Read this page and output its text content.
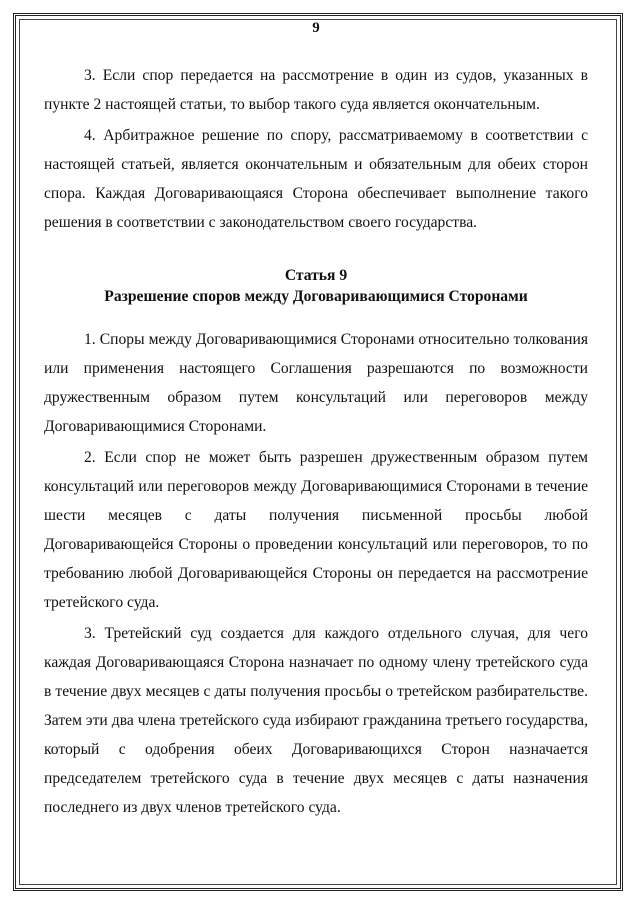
9

3. Если спор передается на рассмотрение в один из судов, указанных в пункте 2 настоящей статьи, то выбор такого суда является окончательным.

4. Арбитражное решение по спору, рассматриваемому в соответствии с настоящей статьей, является окончательным и обязательным для обеих сторон спора. Каждая Договаривающаяся Сторона обеспечивает выполнение такого решения в соответствии с законодательством своего государства.

Статья 9
Разрешение споров между Договаривающимися Сторонами

1. Споры между Договаривающимися Сторонами относительно толкования или применения настоящего Соглашения разрешаются по возможности дружественным образом путем консультаций или переговоров между Договаривающимися Сторонами.

2. Если спор не может быть разрешен дружественным образом путем консультаций или переговоров между Договаривающимися Сторонами в течение шести месяцев с даты получения письменной просьбы любой Договаривающейся Стороны о проведении консультаций или переговоров, то по требованию любой Договаривающейся Стороны он передается на рассмотрение третейского суда.

3. Третейский суд создается для каждого отдельного случая, для чего каждая Договаривающаяся Сторона назначает по одному члену третейского суда в течение двух месяцев с даты получения просьбы о третейском разбирательстве. Затем эти два члена третейского суда избирают гражданина третьего государства, который с одобрения обеих Договаривающихся Сторон назначается председателем третейского суда в течение двух месяцев с даты назначения последнего из двух членов третейского суда.
